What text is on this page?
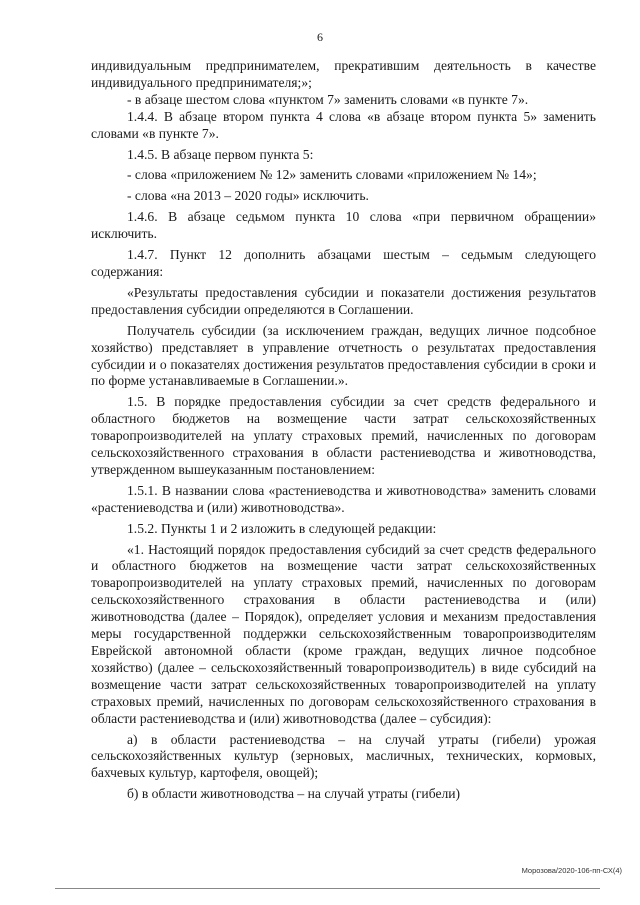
6

индивидуальным предпринимателем, прекратившим деятельность в качестве индивидуального предпринимателя;»;

- в абзаце шестом слова «пунктом 7» заменить словами «в пункте 7».

1.4.4. В абзаце втором пункта 4 слова «в абзаце втором пункта 5» заменить словами «в пункте 7».

1.4.5. В абзаце первом пункта 5:

- слова «приложением № 12» заменить словами «приложением № 14»;

- слова «на 2013 – 2020 годы» исключить.

1.4.6. В абзаце седьмом пункта 10 слова «при первичном обращении» исключить.

1.4.7. Пункт 12 дополнить абзацами шестым – седьмым следующего содержания:

«Результаты предоставления субсидии и показатели достижения результатов предоставления субсидии определяются в Соглашении.

Получатель субсидии (за исключением граждан, ведущих личное подсобное хозяйство) представляет в управление отчетность о результатах предоставления субсидии и о показателях достижения результатов предоставления субсидии в сроки и по форме устанавливаемые в Соглашении.».

1.5. В порядке предоставления субсидии за счет средств федерального и областного бюджетов на возмещение части затрат сельскохозяйственных товаропроизводителей на уплату страховых премий, начисленных по договорам сельскохозяйственного страхования в области растениеводства и животноводства, утвержденном вышеуказанным постановлением:

1.5.1. В названии слова «растениеводства и животноводства» заменить словами «растениеводства и (или) животноводства».

1.5.2. Пункты 1 и 2 изложить в следующей редакции:

«1. Настоящий порядок предоставления субсидий за счет средств федерального и областного бюджетов на возмещение части затрат сельскохозяйственных товаропроизводителей на уплату страховых премий, начисленных по договорам сельскохозяйственного страхования в области растениеводства и (или) животноводства (далее – Порядок), определяет условия и механизм предоставления меры государственной поддержки сельскохозяйственным товаропроизводителям Еврейской автономной области (кроме граждан, ведущих личное подсобное хозяйство) (далее – сельскохозяйственный товаропроизводитель) в виде субсидий на возмещение части затрат сельскохозяйственных товаропроизводителей на уплату страховых премий, начисленных по договорам сельскохозяйственного страхования в области растениеводства и (или) животноводства (далее – субсидия):

а) в области растениеводства – на случай утраты (гибели) урожая сельскохозяйственных культур (зерновых, масличных, технических, кормовых, бахчевых культур, картофеля, овощей);

б) в области животноводства – на случай утраты (гибели)

Морозова/2020-106-пп-СХ(4)
